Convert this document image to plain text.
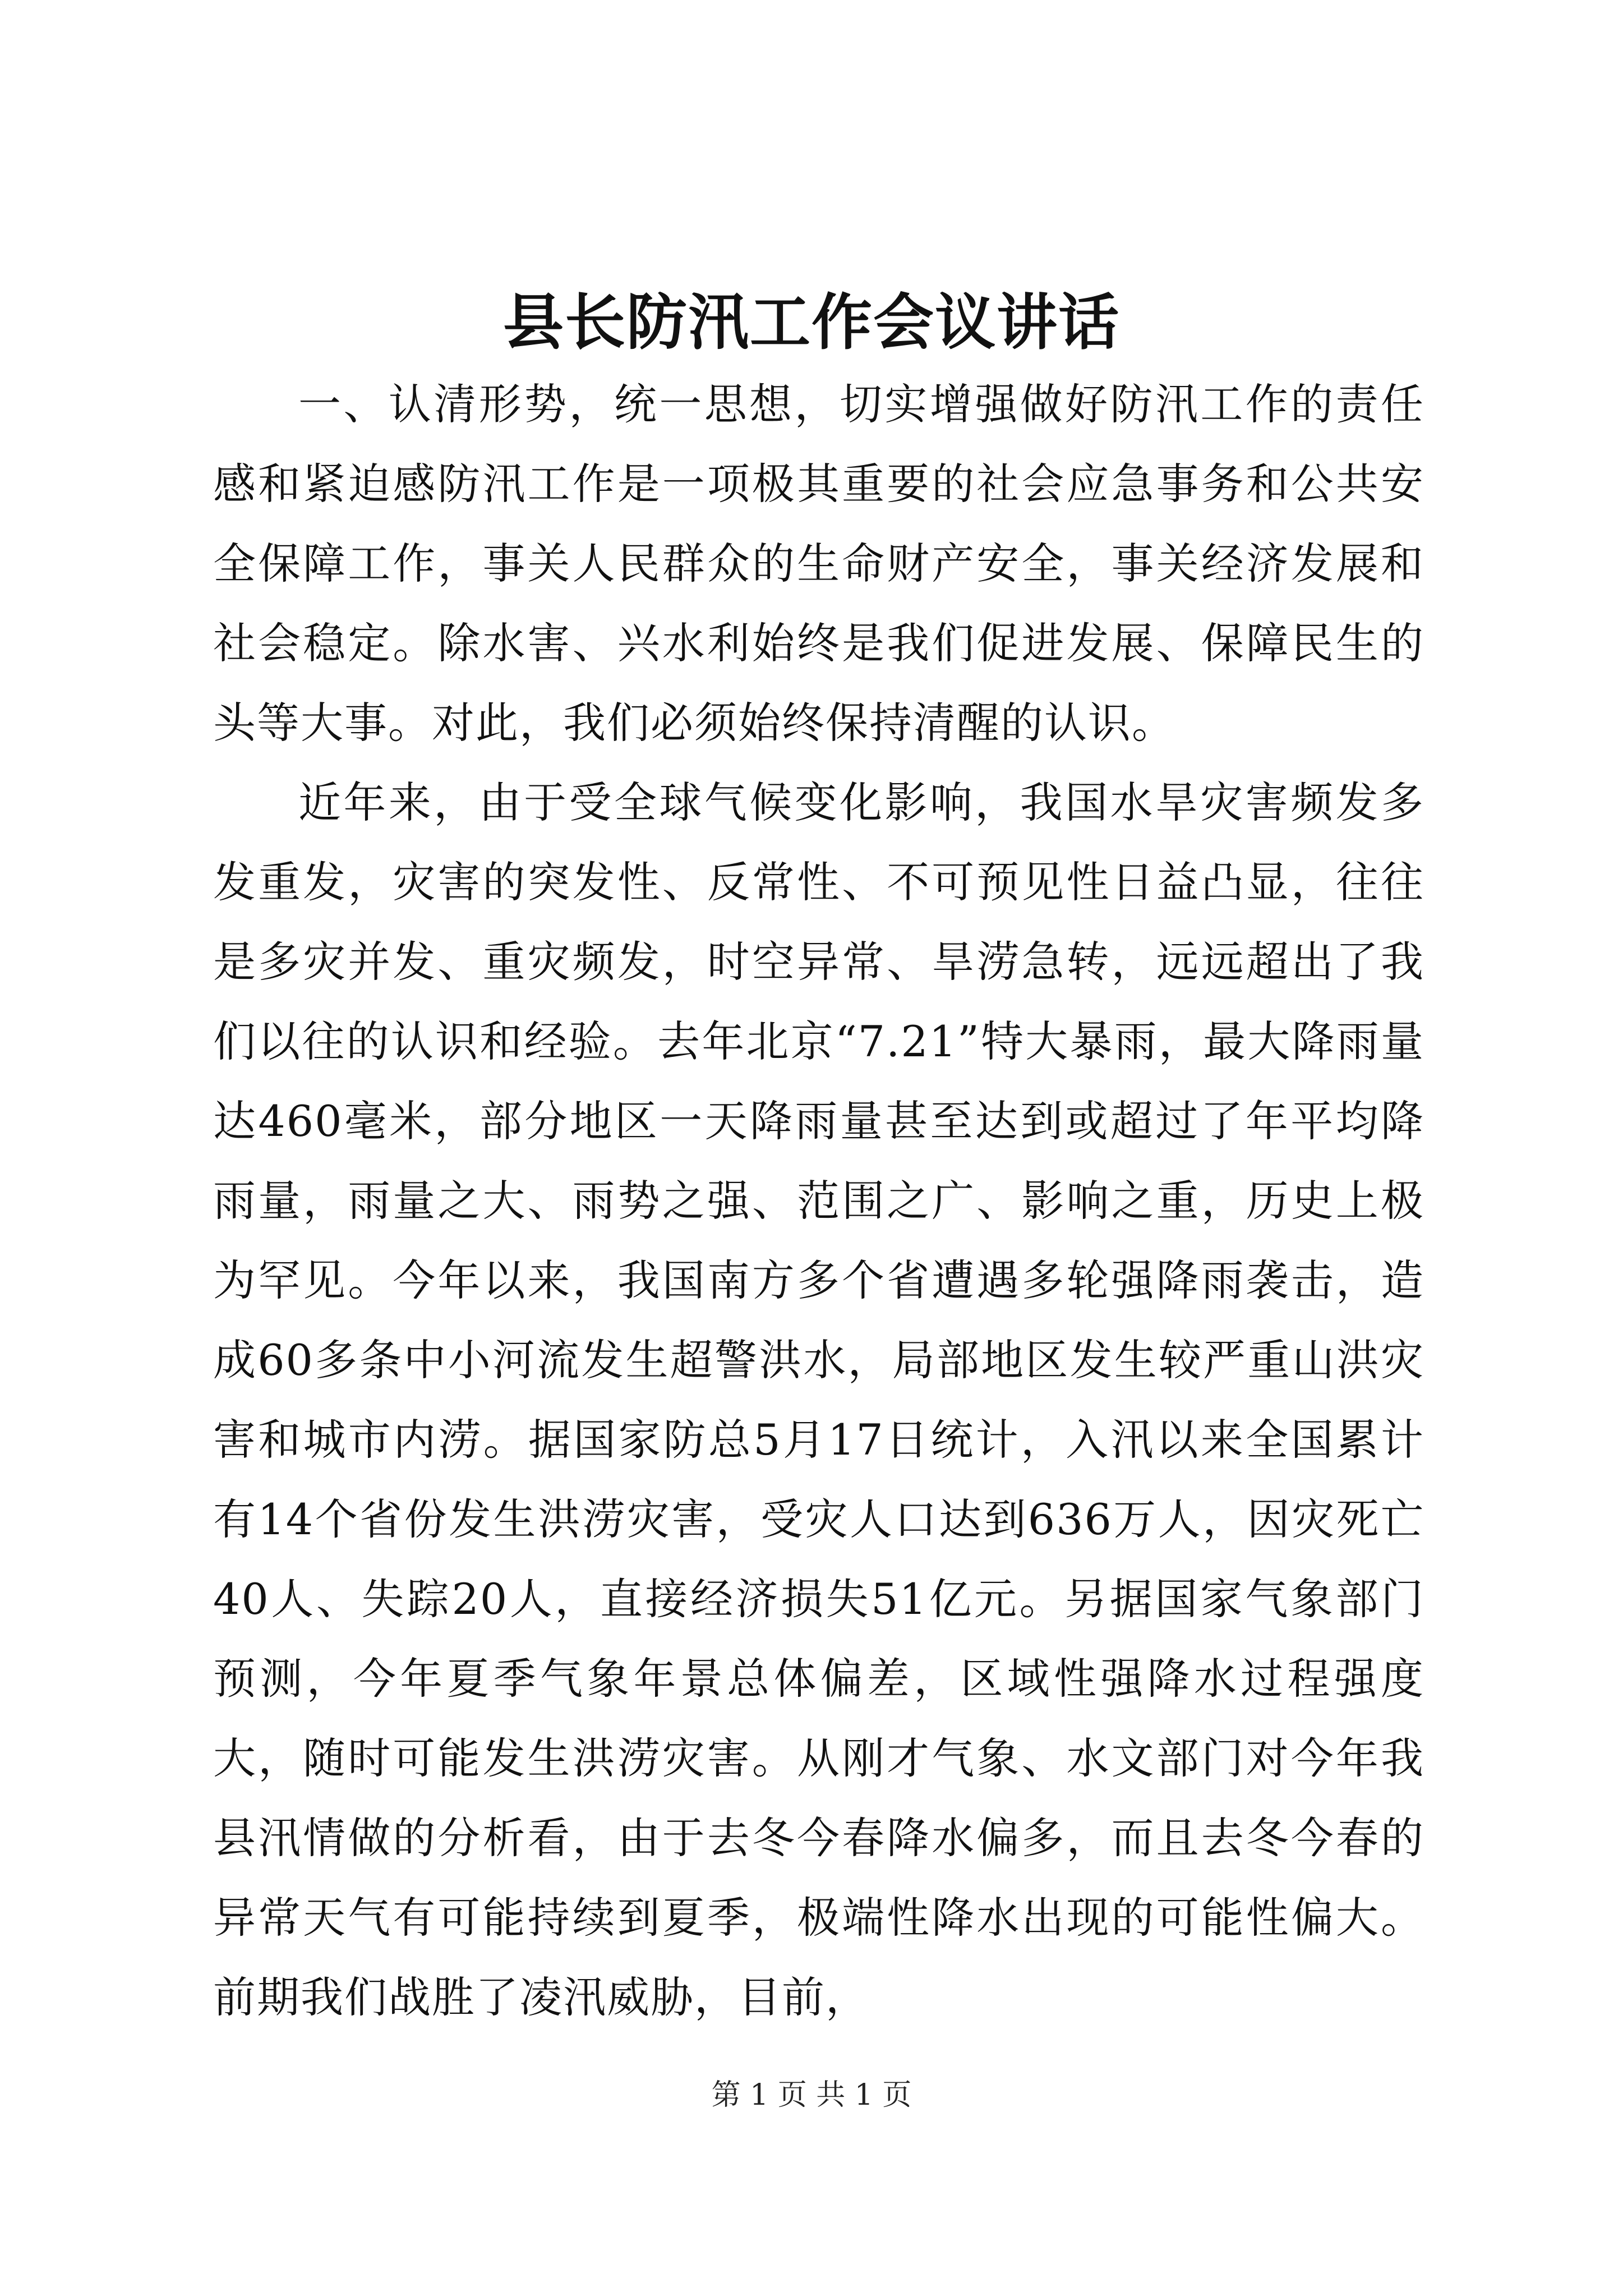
县长防汛工作会议讲话

一、认清形势，统一思想，切实增强做好防汛工作的责任感和紧迫感防汛工作是一项极其重要的社会应急事务和公共安全保障工作，事关人民群众的生命财产安全，事关经济发展和社会稳定。除水害、兴水利始终是我们促进发展、保障民生的头等大事。对此，我们必须始终保持清醒的认识。

近年来，由于受全球气候变化影响，我国水旱灾害频发多发重发，灾害的突发性、反常性、不可预见性日益凸显，往往是多灾并发、重灾频发，时空异常、旱涝急转，远远超出了我们以往的认识和经验。去年北京“7.21”特大暴雨，最大降雨量达460毫米，部分地区一天降雨量甚至达到或超过了年平均降雨量，雨量之大、雨势之强、范围之广、影响之重，历史上极为罕见。今年以来，我国南方多个省遭遇多轮强降雨袭击，造成60多条中小河流发生超警洪水，局部地区发生较严重山洪灾害和城市内涝。据国家防总5月17日统计，入汛以来全国累计有14个省份发生洪涝灾害，受灾人口达到636万人，因灾死亡40人、失踪20人，直接经济损失51亿元。另据国家气象部门预测，今年夏季气象年景总体偏差，区域性强降水过程强度大，随时可能发生洪涝灾害。从刚才气象、水文部门对今年我县汛情做的分析看，由于去冬今春降水偏多，而且去冬今春的异常天气有可能持续到夏季，极端性降水出现的可能性偏大。前期我们战胜了凌汛威胁，目前，

第 1 页 共 1 页
